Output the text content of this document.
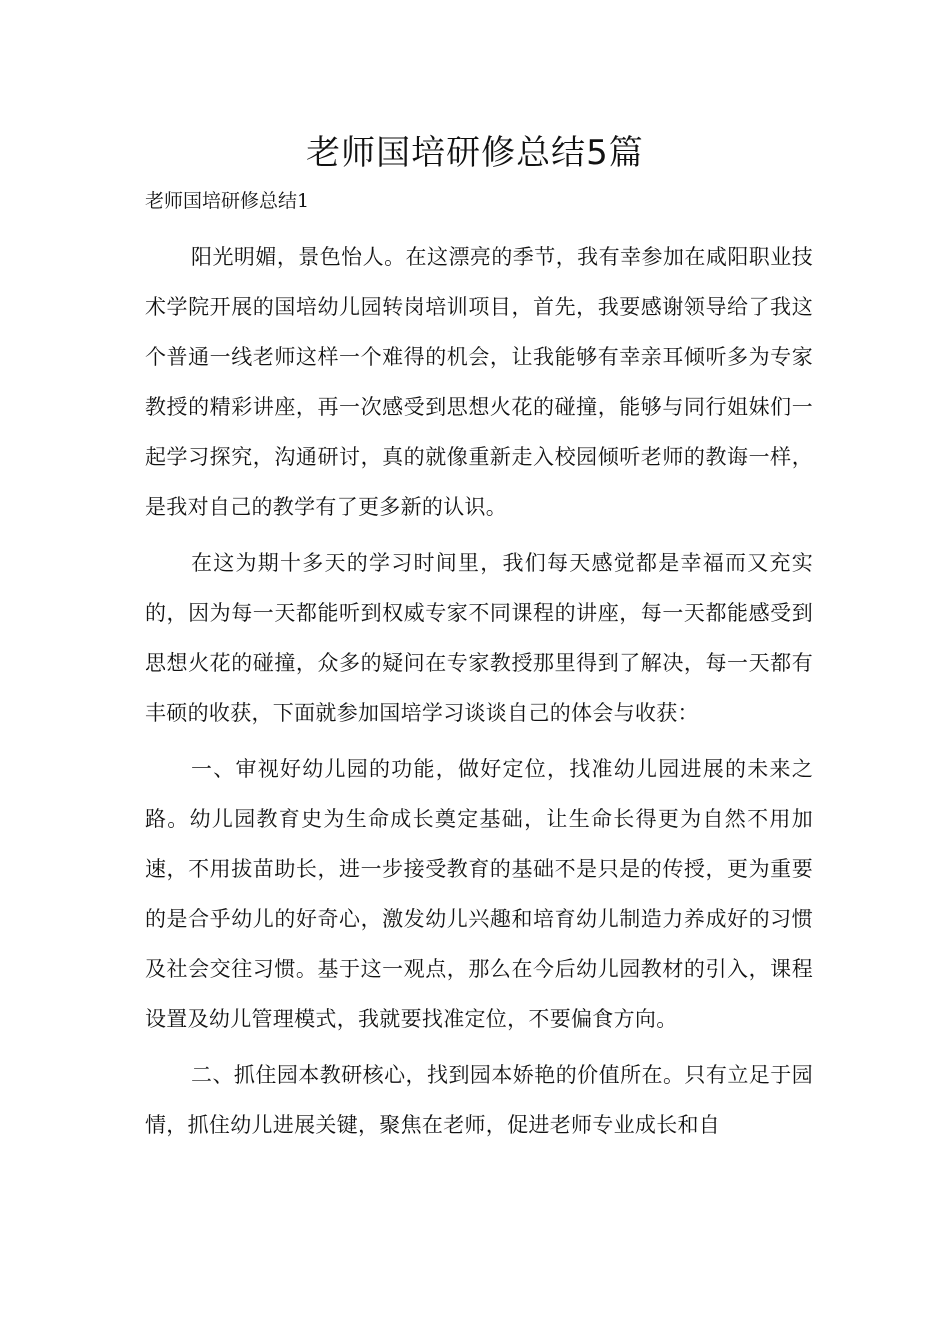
老师国培研修总结5篇

老师国培研修总结1

阳光明媚，景色怡人。在这漂亮的季节，我有幸参加在咸阳职业技术学院开展的国培幼儿园转岗培训项目，首先，我要感谢领导给了我这个普通一线老师这样一个难得的机会，让我能够有幸亲耳倾听多为专家教授的精彩讲座，再一次感受到思想火花的碰撞，能够与同行姐妹们一起学习探究，沟通研讨，真的就像重新走入校园倾听老师的教诲一样，是我对自己的教学有了更多新的认识。

在这为期十多天的学习时间里，我们每天感觉都是幸福而又充实的，因为每一天都能听到权威专家不同课程的讲座，每一天都能感受到思想火花的碰撞，众多的疑问在专家教授那里得到了解决，每一天都有丰硕的收获，下面就参加国培学习谈谈自己的体会与收获：

一、审视好幼儿园的功能，做好定位，找准幼儿园进展的未来之路。幼儿园教育史为生命成长奠定基础，让生命长得更为自然不用加速，不用拔苗助长，进一步接受教育的基础不是只是的传授，更为重要的是合乎幼儿的好奇心，激发幼儿兴趣和培育幼儿制造力养成好的习惯及社会交往习惯。基于这一观点，那么在今后幼儿园教材的引入，课程设置及幼儿管理模式，我就要找准定位，不要偏食方向。

二、抓住园本教研核心，找到园本娇艳的价值所在。只有立足于园情，抓住幼儿进展关键，聚焦在老师，促进老师专业成长和自
